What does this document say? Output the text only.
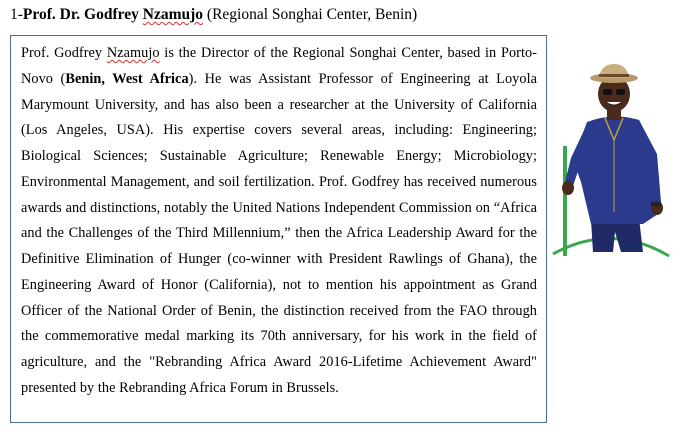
1-Prof. Dr. Godfrey Nzamujo (Regional Songhai Center, Benin)

Prof. Godfrey Nzamujo is the Director of the Regional Songhai Center, based in Porto-Novo (Benin, West Africa). He was Assistant Professor of Engineering at Loyola Marymount University, and has also been a researcher at the University of California (Los Angeles, USA). His expertise covers several areas, including: Engineering; Biological Sciences; Sustainable Agriculture; Renewable Energy; Microbiology; Environmental Management, and soil fertilization. Prof. Godfrey has received numerous awards and distinctions, notably the United Nations Independent Commission on “Africa and the Challenges of the Third Millennium,” then the Africa Leadership Award for the Definitive Elimination of Hunger (co-winner with President Rawlings of Ghana), the Engineering Award of Honor (California), not to mention his appointment as Grand Officer of the National Order of Benin, the distinction received from the FAO through the commemorative medal marking its 70th anniversary, for his work in the field of agriculture, and the "Rebranding Africa Award 2016-Lifetime Achievement Award" presented by the Rebranding Africa Forum in Brussels.
